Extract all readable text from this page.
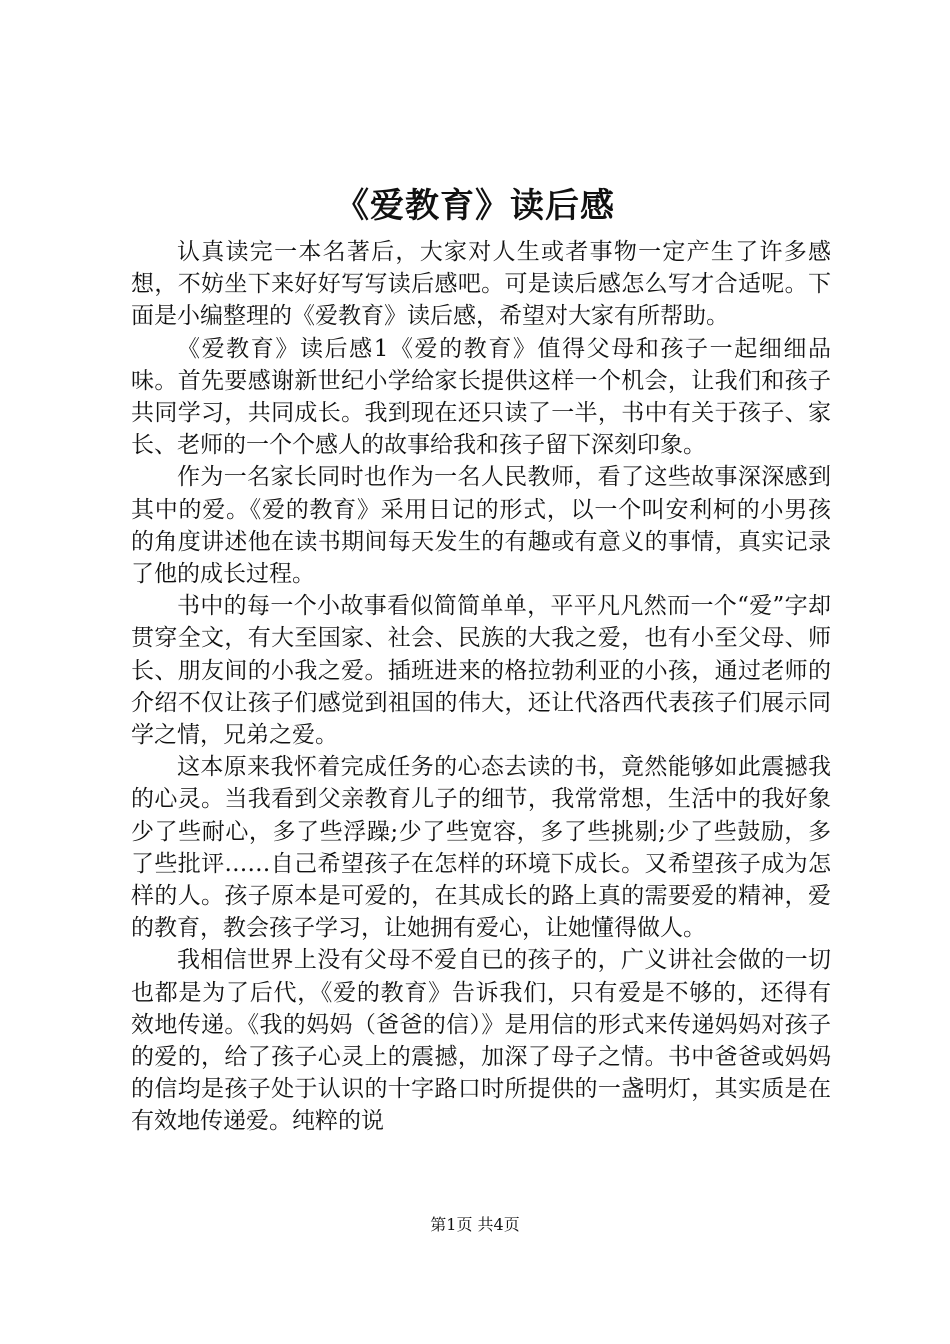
《爱教育》读后感

认真读完一本名著后，大家对人生或者事物一定产生了许多感想，不妨坐下来好好写写读后感吧。可是读后感怎么写才合适呢。下面是小编整理的《爱教育》读后感，希望对大家有所帮助。

《爱教育》读后感1《爱的教育》值得父母和孩子一起细细品味。首先要感谢新世纪小学给家长提供这样一个机会，让我们和孩子共同学习，共同成长。我到现在还只读了一半，书中有关于孩子、家长、老师的一个个感人的故事给我和孩子留下深刻印象。

作为一名家长同时也作为一名人民教师，看了这些故事深深感到其中的爱。《爱的教育》采用日记的形式，以一个叫安利柯的小男孩的角度讲述他在读书期间每天发生的有趣或有意义的事情，真实记录了他的成长过程。

书中的每一个小故事看似简简单单，平平凡凡然而一个“爱”字却贯穿全文，有大至国家、社会、民族的大我之爱，也有小至父母、师长、朋友间的小我之爱。插班进来的格拉勃利亚的小孩，通过老师的介绍不仅让孩子们感觉到祖国的伟大，还让代洛西代表孩子们展示同学之情，兄弟之爱。

这本原来我怀着完成任务的心态去读的书，竟然能够如此震撼我的心灵。当我看到父亲教育儿子的细节，我常常想，生活中的我好象少了些耐心，多了些浮躁;少了些宽容，多了些挑剔;少了些鼓励，多了些批评……自己希望孩子在怎样的环境下成长。又希望孩子成为怎样的人。孩子原本是可爱的，在其成长的路上真的需要爱的精神，爱的教育，教会孩子学习，让她拥有爱心，让她懂得做人。

我相信世界上没有父母不爱自已的孩子的，广义讲社会做的一切也都是为了后代，《爱的教育》告诉我们，只有爱是不够的，还得有效地传递。《我的妈妈（爸爸的信）》是用信的形式来传递妈妈对孩子的爱的，给了孩子心灵上的震撼，加深了母子之情。书中爸爸或妈妈的信均是孩子处于认识的十字路口时所提供的一盏明灯，其实质是在有效地传递爱。纯粹的说

第1页 共4页
